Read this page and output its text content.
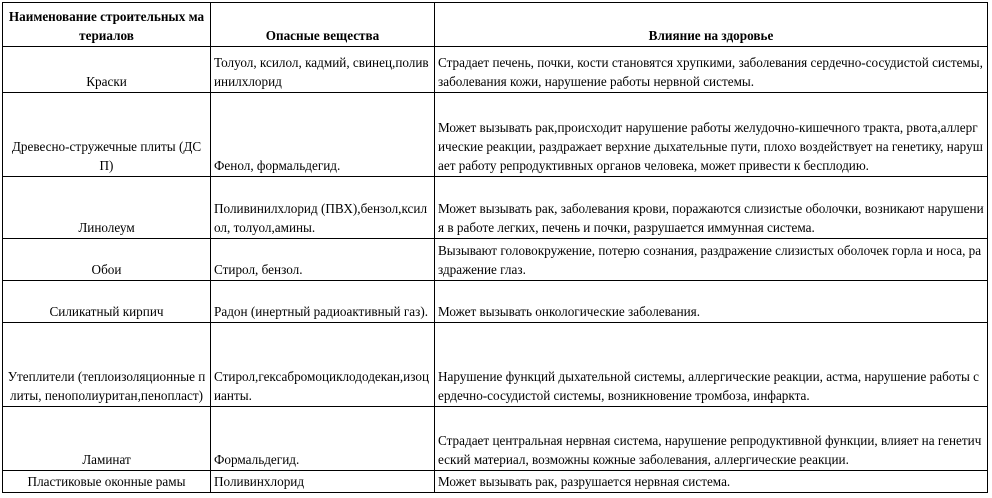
Наименование строительных материалов	Опасные вещества	Влияние на здоровье
Краски	Толуол, ксилол, кадмий, свинец,поливинилхлорид	Страдает печень, почки, кости становятся хрупкими, заболевания сердечно-сосудистой системы, заболевания кожи, нарушение работы нервной системы.
Древесно-стружечные плиты (ДСП)	Фенол, формальдегид.	Может вызывать рак,происходит нарушение работы желудочно-кишечного тракта, рвота,аллергические реакции, раздражает верхние дыхательные пути, плохо воздействует на генетику, нарушает работу репродуктивных органов человека, может привести к бесплодию.
Линолеум	Поливинилхлорид (ПВХ),бензол,ксилол, толуол,амины.	Может вызывать рак, заболевания крови, поражаются слизистые оболочки, возникают нарушения в работе легких, печень и почки, разрушается иммунная система.
Обои	Стирол, бензол.	Вызывают головокружение, потерю сознания, раздражение слизистых оболочек горла и носа, раздражение глаз.
Силикатный кирпич	Радон (инертный радиоактивный газ).	Может вызывать онкологические заболевания.
Утеплители (теплоизоляционные плиты, пенополиуритан,пенопласт)	Стирол,гексабромоциклододекан,изоцианты.	Нарушение функций дыхательной системы, аллергические реакции, астма, нарушение работы сердечно-сосудистой системы, возникновение тромбоза, инфаркта.
Ламинат	Формальдегид.	Страдает центральная нервная система, нарушение репродуктивной функции, влияет на генетический материал, возможны кожные заболевания, аллергические реакции.
Пластиковые оконные рамы	Поливинхлорид	Может вызывать рак, разрушается нервная система.
